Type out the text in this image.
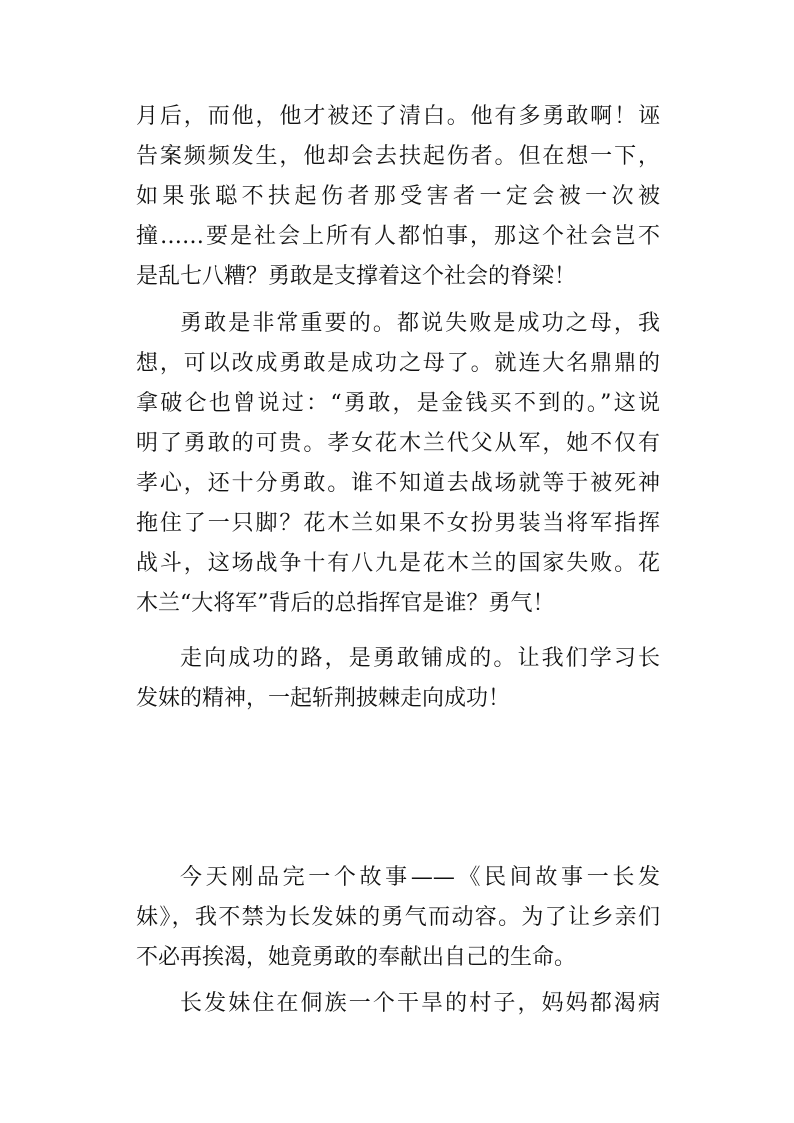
月后，而他，他才被还了清白。他有多勇敢啊！诬
告案频频发生，他却会去扶起伤者。但在想一下，
如果张聪不扶起伤者那受害者一定会被一次被
撞……要是社会上所有人都怕事，那这个社会岂不
是乱七八糟？勇敢是支撑着这个社会的脊梁！
勇敢是非常重要的。都说失败是成功之母，我
想，可以改成勇敢是成功之母了。就连大名鼎鼎的
拿破仑也曾说过：“勇敢，是金钱买不到的。”这说
明了勇敢的可贵。孝女花木兰代父从军，她不仅有
孝心，还十分勇敢。谁不知道去战场就等于被死神
拖住了一只脚？花木兰如果不女扮男装当将军指挥
战斗，这场战争十有八九是花木兰的国家失败。花
木兰“大将军”背后的总指挥官是谁？勇气！
走向成功的路，是勇敢铺成的。让我们学习长
发妹的精神，一起斩荆披棘走向成功！
今天刚品完一个故事——《民间故事一长发
妹》，我不禁为长发妹的勇气而动容。为了让乡亲们
不必再挨渴，她竟勇敢的奉献出自己的生命。
长发妹住在侗族一个干旱的村子，妈妈都渴病
